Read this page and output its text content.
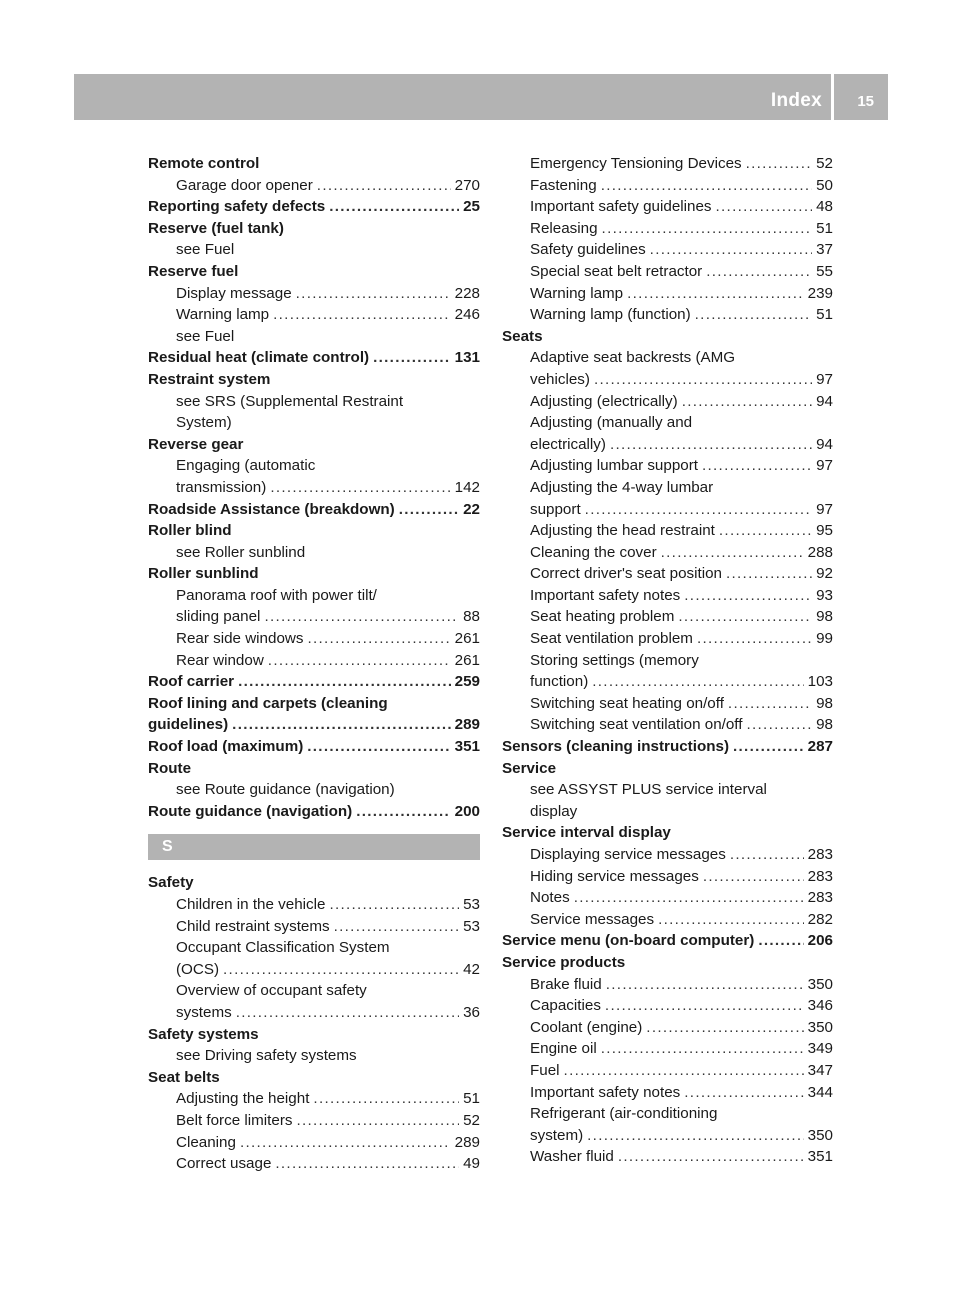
Index 15
Remote control
Garage door opener .....	270
Reporting safety defects .....	25
Reserve (fuel tank)
see Fuel
Reserve fuel
Display message .....	228
Warning lamp .....	246
see Fuel
Residual heat (climate control) .....	131
Restraint system
see SRS (Supplemental Restraint
System)
Reverse gear
Engaging (automatic
transmission) .....	142
Roadside Assistance (breakdown) .....	22
Roller blind
see Roller sunblind
Roller sunblind
Panorama roof with power tilt/
sliding panel .....	88
Rear side windows .....	261
Rear window .....	261
Roof carrier .....	259
Roof lining and carpets (cleaning
guidelines) .....	289
Roof load (maximum) .....	351
Route
see Route guidance (navigation)
Route guidance (navigation) .....	200
S
Safety
Children in the vehicle .....	53
Child restraint systems .....	53
Occupant Classification System
(OCS) .....	42
Overview of occupant safety
systems .....	36
Safety systems
see Driving safety systems
Seat belts
Adjusting the height .....	51
Belt force limiters .....	52
Cleaning .....	289
Correct usage .....	49
Emergency Tensioning Devices .....	52
Fastening .....	50
Important safety guidelines .....	48
Releasing .....	51
Safety guidelines .....	37
Special seat belt retractor .....	55
Warning lamp .....	239
Warning lamp (function) .....	51
Seats
Adaptive seat backrests (AMG
vehicles) .....	97
Adjusting (electrically) .....	94
Adjusting (manually and
electrically) .....	94
Adjusting lumbar support .....	97
Adjusting the 4-way lumbar
support .....	97
Adjusting the head restraint .....	95
Cleaning the cover .....	288
Correct driver's seat position .....	92
Important safety notes .....	93
Seat heating problem .....	98
Seat ventilation problem .....	99
Storing settings (memory
function) .....	103
Switching seat heating on/off .....	98
Switching seat ventilation on/off .....	98
Sensors (cleaning instructions) .....	287
Service
see ASSYST PLUS service interval
display
Service interval display
Displaying service messages .....	283
Hiding service messages .....	283
Notes .....	283
Service messages .....	282
Service menu (on-board computer) .....	206
Service products
Brake fluid .....	350
Capacities .....	346
Coolant (engine) .....	350
Engine oil .....	349
Fuel .....	347
Important safety notes .....	344
Refrigerant (air-conditioning
system) .....	350
Washer fluid .....	351
